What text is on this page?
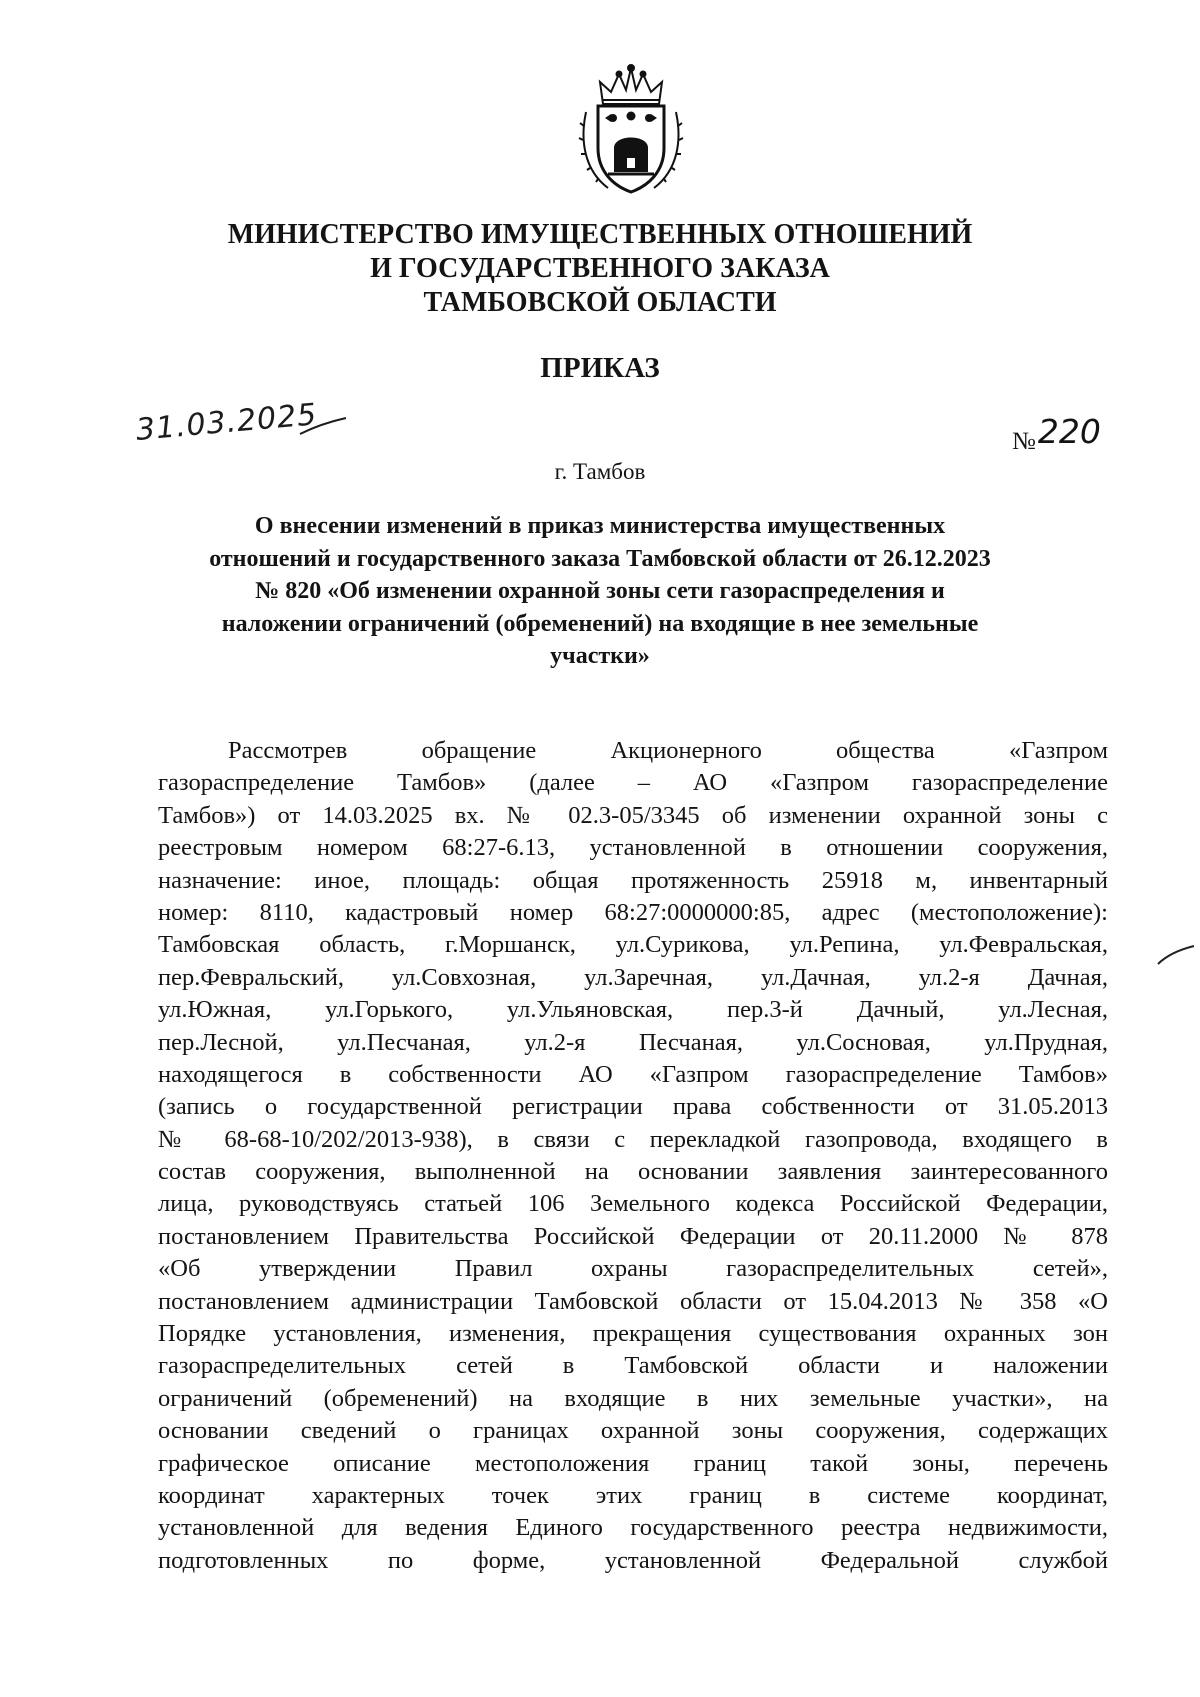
МИНИСТЕРСТВО ИМУЩЕСТВЕННЫХ ОТНОШЕНИЙ
И ГОСУДАРСТВЕННОГО ЗАКАЗА
ТАМБОВСКОЙ ОБЛАСТИ
ПРИКАЗ
31.03.2025	№220
г. Тамбов
О внесении изменений в приказ министерства имущественных
отношений и государственного заказа Тамбовской области от 26.12.2023
№ 820 «Об изменении охранной зоны сети газораспределения и
наложении ограничений (обременений) на входящие в нее земельные
участки»
Рассмотрев обращение Акционерного общества «Газпром
газораспределение Тамбов» (далее – АО «Газпром газораспределение
Тамбов») от 14.03.2025 вх. № 02.3-05/3345 об изменении охранной зоны с
реестровым номером 68:27-6.13, установленной в отношении сооружения,
назначение: иное, площадь: общая протяженность 25918 м, инвентарный
номер: 8110, кадастровый номер 68:27:0000000:85, адрес (местоположение):
Тамбовская область, г.Моршанск, ул.Сурикова, ул.Репина, ул.Февральская,
пер.Февральский, ул.Совхозная, ул.Заречная, ул.Дачная, ул.2-я Дачная,
ул.Южная, ул.Горького, ул.Ульяновская, пер.3-й Дачный, ул.Лесная,
пер.Лесной, ул.Песчаная, ул.2-я Песчаная, ул.Сосновая, ул.Прудная,
находящегося в собственности АО «Газпром газораспределение Тамбов»
(запись о государственной регистрации права собственности от 31.05.2013
№ 68-68-10/202/2013-938), в связи с перекладкой газопровода, входящего в
состав сооружения, выполненной на основании заявления заинтересованного
лица, руководствуясь статьей 106 Земельного кодекса Российской Федерации,
постановлением Правительства Российской Федерации от 20.11.2000 № 878
«Об утверждении Правил охраны газораспределительных сетей»,
постановлением администрации Тамбовской области от 15.04.2013 № 358 «О
Порядке установления, изменения, прекращения существования охранных зон
газораспределительных сетей в Тамбовской области и наложении
ограничений (обременений) на входящие в них земельные участки», на
основании сведений о границах охранной зоны сооружения, содержащих
графическое описание местоположения границ такой зоны, перечень
координат характерных точек этих границ в системе координат,
установленной для ведения Единого государственного реестра недвижимости,
подготовленных по форме, установленной Федеральной службой
